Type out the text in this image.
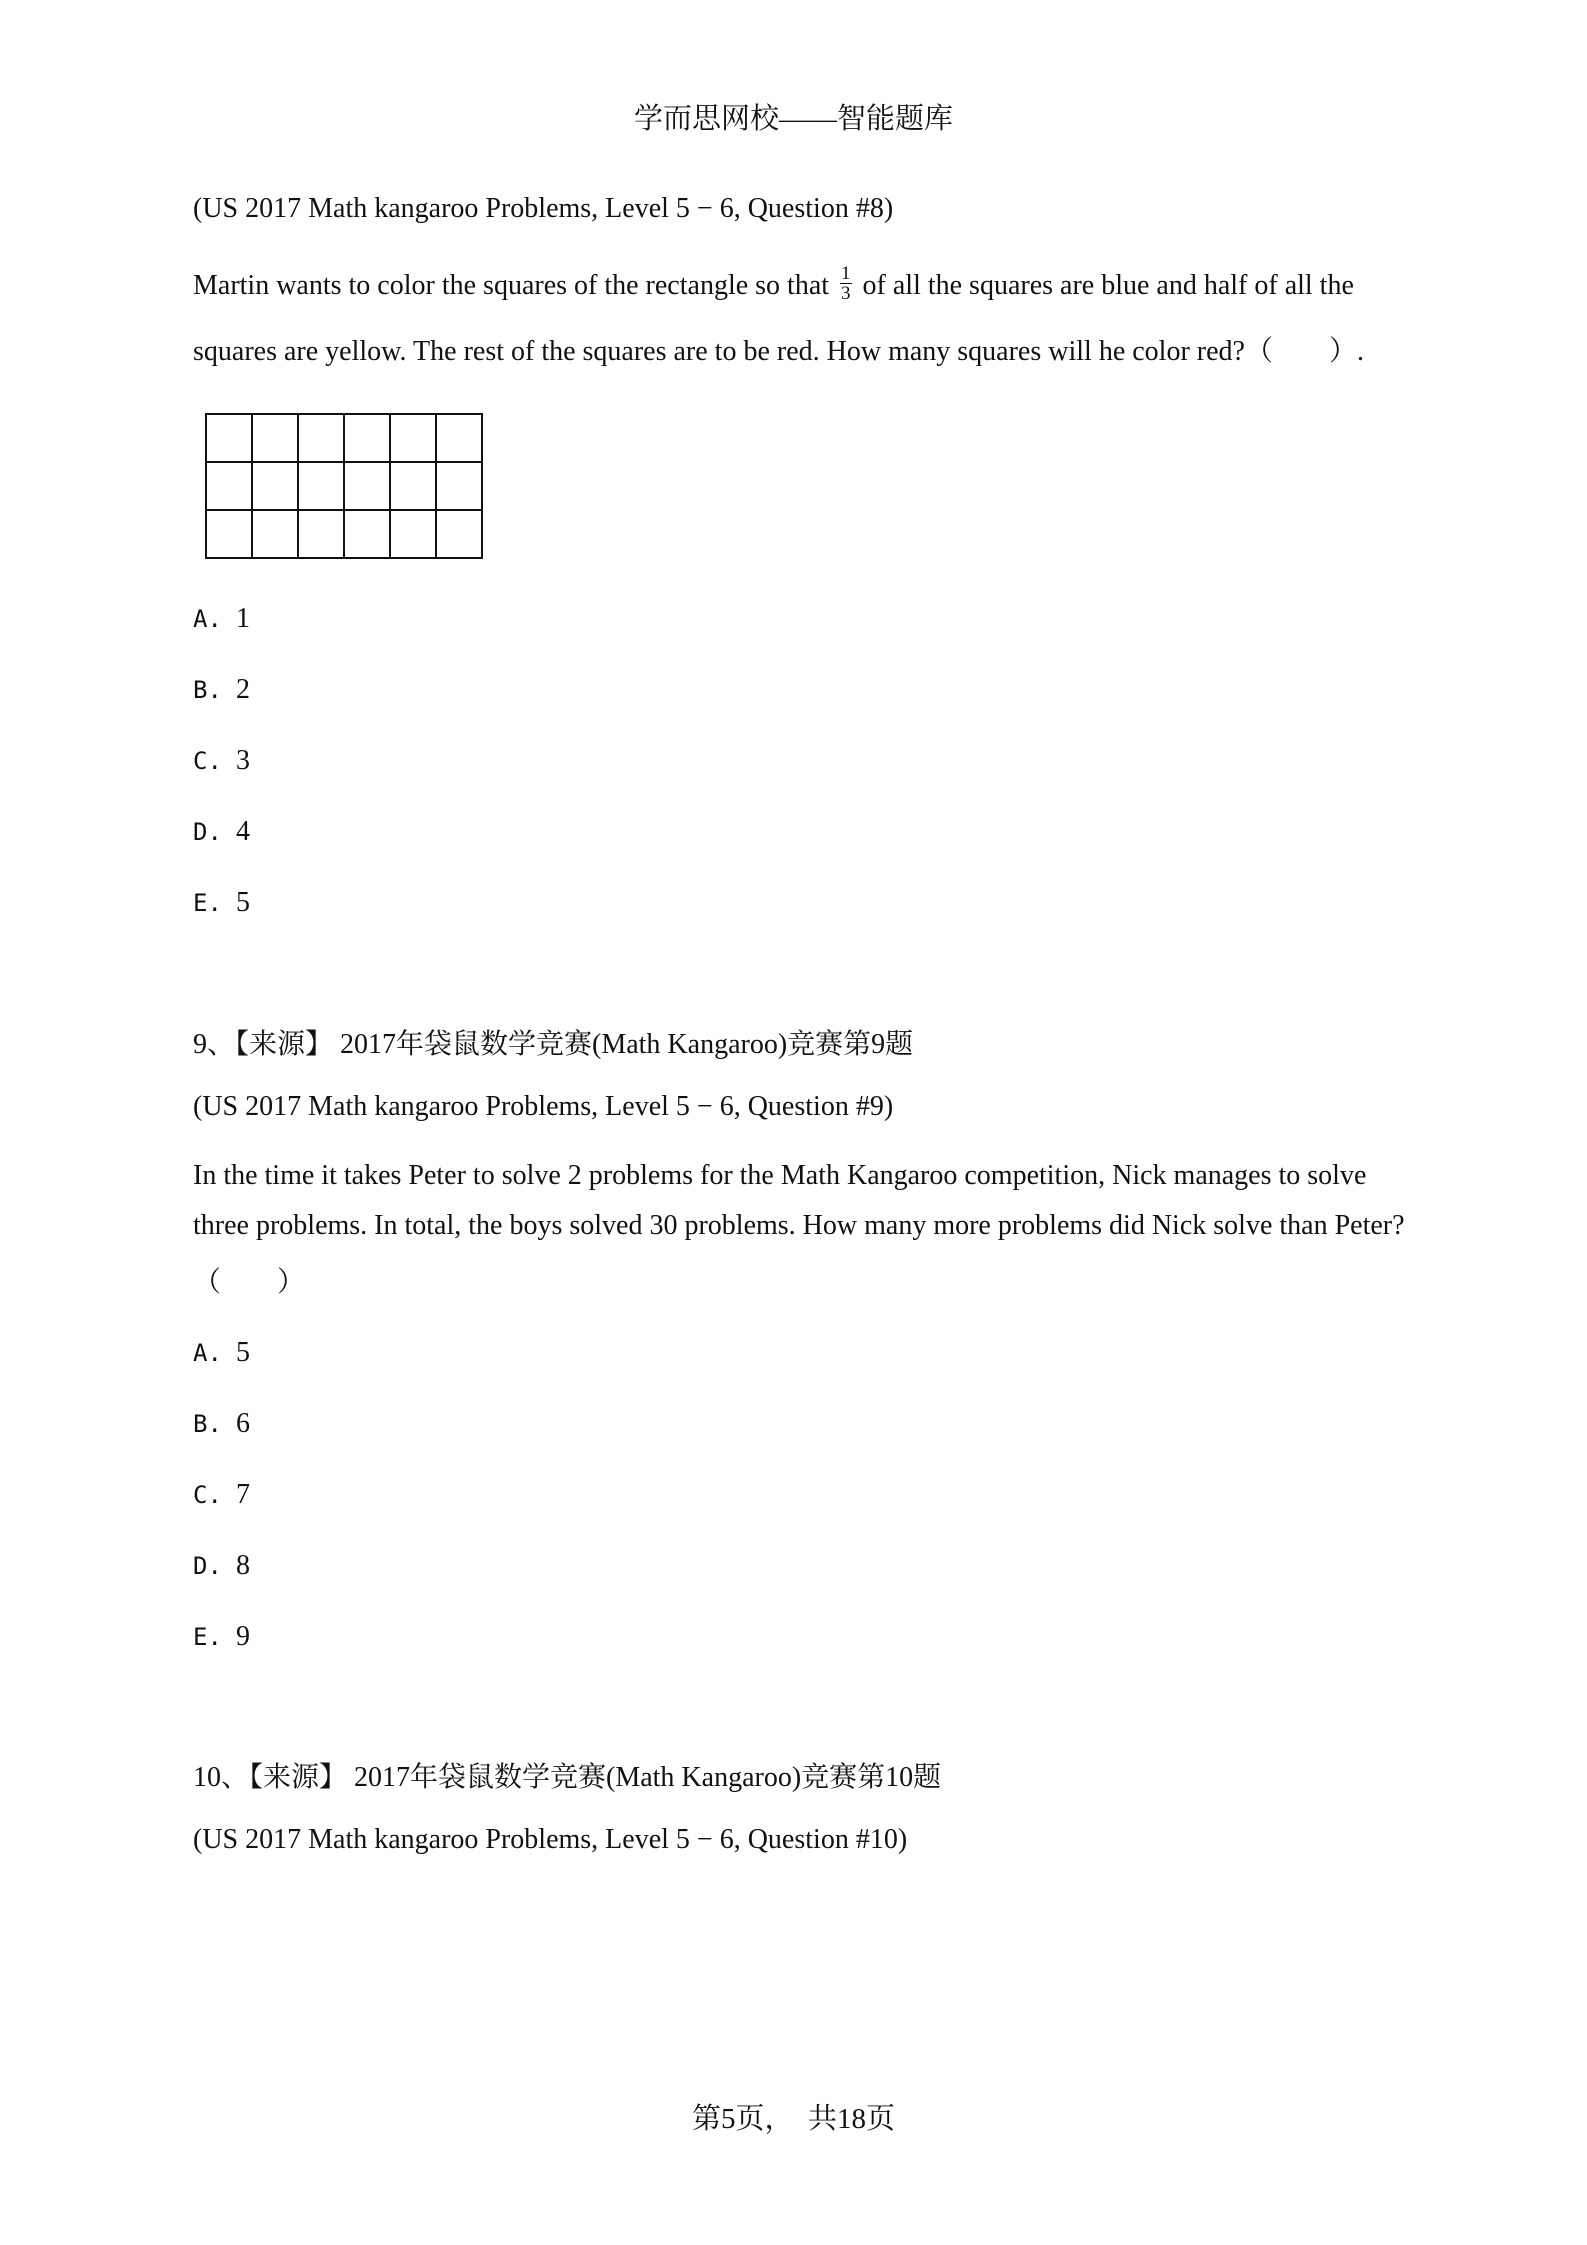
学而思网校——智能题库
(US 2017 Math kangaroo Problems, Level 5 − 6, Question #8)
Martin wants to color the squares of the rectangle so that $\frac{1}{3}$ of all the squares are blue and half of all the
squares are yellow. The rest of the squares are to be red. How many squares will he color red?（　　）.

A. 1
B. 2
C. 3
D. 4
E. 5
9、【来源】 2017年袋鼠数学竞赛(Math Kangaroo)竞赛第9题
(US 2017 Math kangaroo Problems, Level 5 − 6, Question #9)
In the time it takes Peter to solve 2 problems for the Math Kangaroo competition, Nick manages to solve
three problems. In total, the boys solved 30 problems. How many more problems did Nick solve than Peter?
（　　）
A. 5
B. 6
C. 7
D. 8
E. 9
10、【来源】 2017年袋鼠数学竞赛(Math Kangaroo)竞赛第10题
(US 2017 Math kangaroo Problems, Level 5 − 6, Question #10)
第5页，　共18页
